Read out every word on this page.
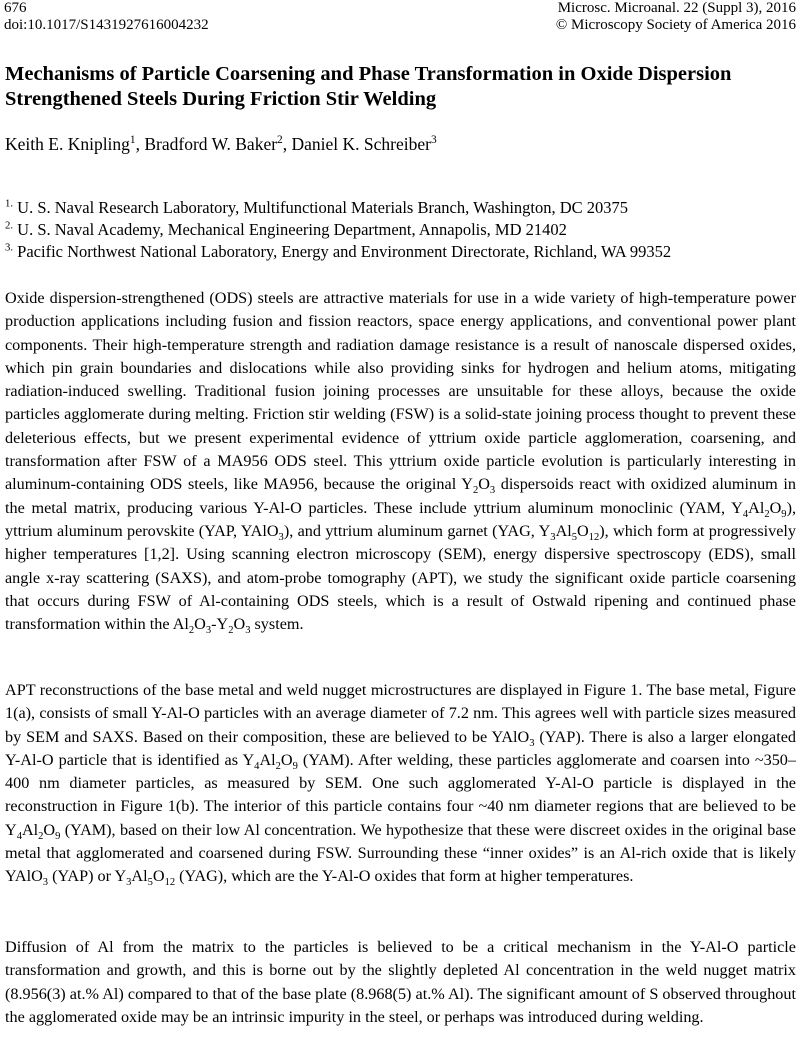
676
doi:10.1017/S1431927616004232
Microsc. Microanal. 22 (Suppl 3), 2016
© Microscopy Society of America 2016
Mechanisms of Particle Coarsening and Phase Transformation in Oxide Dispersion Strengthened Steels During Friction Stir Welding
Keith E. Knipling$^1$, Bradford W. Baker$^2$, Daniel K. Schreiber$^3$
$^{1.}$ U. S. Naval Research Laboratory, Multifunctional Materials Branch, Washington, DC 20375
$^{2.}$ U. S. Naval Academy, Mechanical Engineering Department, Annapolis, MD 21402
$^{3.}$ Pacific Northwest National Laboratory, Energy and Environment Directorate, Richland, WA 99352

Oxide dispersion-strengthened (ODS) steels are attractive materials for use in a wide variety of high-temperature power production applications including fusion and fission reactors, space energy applications, and conventional power plant components. Their high-temperature strength and radiation damage resistance is a result of nanoscale dispersed oxides, which pin grain boundaries and dislocations while also providing sinks for hydrogen and helium atoms, mitigating radiation-induced swelling. Traditional fusion joining processes are unsuitable for these alloys, because the oxide particles agglomerate during melting. Friction stir welding (FSW) is a solid-state joining process thought to prevent these deleterious effects, but we present experimental evidence of yttrium oxide particle agglomeration, coarsening, and transformation after FSW of a MA956 ODS steel. This yttrium oxide particle evolution is particularly interesting in aluminum-containing ODS steels, like MA956, because the original $Y_2O_3$ dispersoids react with oxidized aluminum in the metal matrix, producing various Y-Al-O particles. These include yttrium aluminum monoclinic (YAM, $Y_4Al_2O_9$), yttrium aluminum perovskite (YAP, YAlO$_3$), and yttrium aluminum garnet (YAG, $Y_3Al_5O_{12}$), which form at progressively higher temperatures [1,2]. Using scanning electron microscopy (SEM), energy dispersive spectroscopy (EDS), small angle x-ray scattering (SAXS), and atom-probe tomography (APT), we study the significant oxide particle coarsening that occurs during FSW of Al-containing ODS steels, which is a result of Ostwald ripening and continued phase transformation within the $Al_2O_3-Y_2O_3$ system.

APT reconstructions of the base metal and weld nugget microstructures are displayed in Figure 1. The base metal, Figure 1(a), consists of small Y-Al-O particles with an average diameter of 7.2 nm. This agrees well with particle sizes measured by SEM and SAXS. Based on their composition, these are believed to be YAlO$_3$ (YAP). There is also a larger elongated Y-Al-O particle that is identified as $Y_4Al_2O_9$ (YAM). After welding, these particles agglomerate and coarsen into ~350–400 nm diameter particles, as measured by SEM. One such agglomerated Y-Al-O particle is displayed in the reconstruction in Figure 1(b). The interior of this particle contains four ~40 nm diameter regions that are believed to be $Y_4Al_2O_9$ (YAM), based on their low Al concentration. We hypothesize that these were discreet oxides in the original base metal that agglomerated and coarsened during FSW. Surrounding these “inner oxides” is an Al-rich oxide that is likely YAlO$_3$ (YAP) or $Y_3Al_5O_{12}$ (YAG), which are the Y-Al-O oxides that form at higher temperatures.

Diffusion of Al from the matrix to the particles is believed to be a critical mechanism in the Y-Al-O particle transformation and growth, and this is borne out by the slightly depleted Al concentration in the weld nugget matrix (8.956(3) at.% Al) compared to that of the base plate (8.968(5) at.% Al). The significant amount of S observed throughout the agglomerated oxide may be an intrinsic impurity in the steel, or perhaps was introduced during welding.
